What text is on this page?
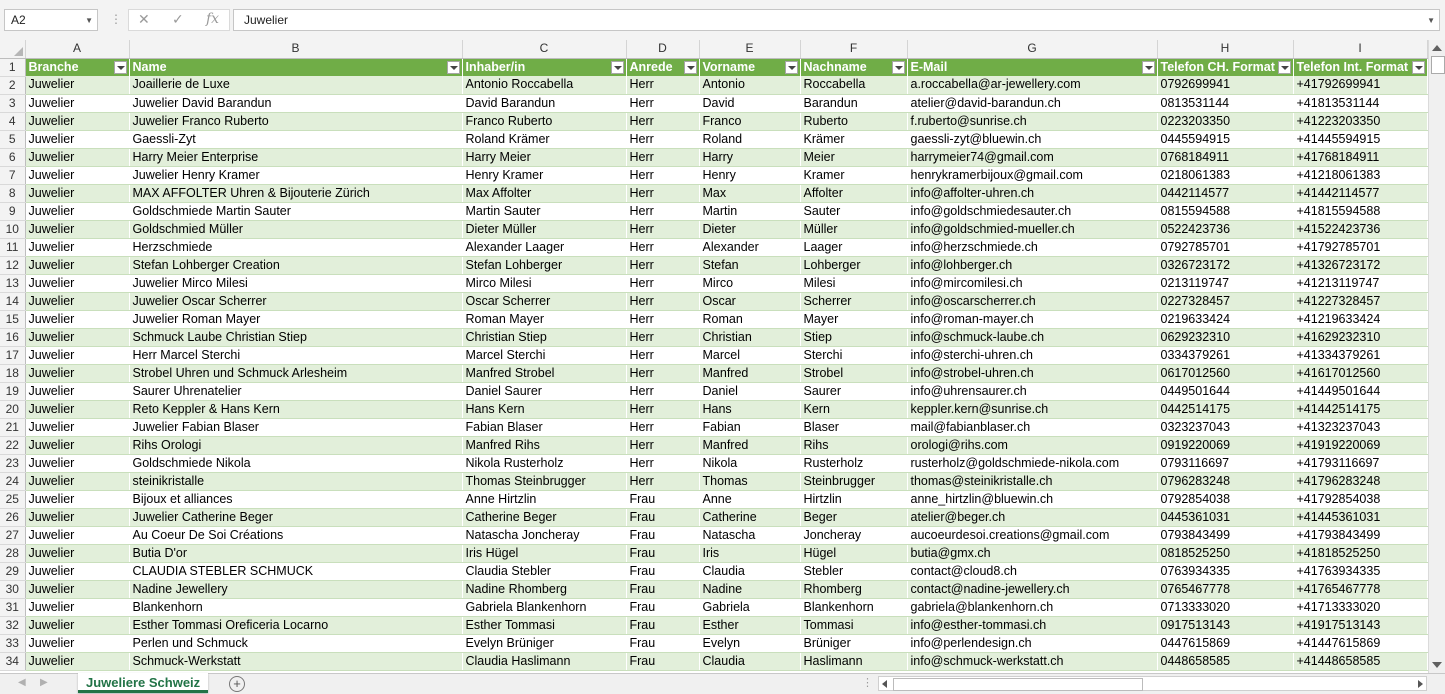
A2	▼ ⋮ ✕ ✓ fx	Juwelier	▼
	A	B	C	D	E	F	G	H	I
1	Branche	Name	Inhaber/in	Anrede	Vorname	Nachname	E-Mail	Telefon CH. Format	Telefon Int. Format

2	Juwelier	Joaillerie de Luxe	Antonio Roccabella	Herr	Antonio	Roccabella	a.roccabella@ar-jewellery.com	0792699941	+41792699941
3	Juwelier	Juwelier David Barandun	David Barandun	Herr	David	Barandun	atelier@david-barandun.ch	0813531144	+41813531144
4	Juwelier	Juwelier Franco Ruberto	Franco Ruberto	Herr	Franco	Ruberto	f.ruberto@sunrise.ch	0223203350	+41223203350
5	Juwelier	Gaessli-Zyt	Roland Krämer	Herr	Roland	Krämer	gaessli-zyt@bluewin.ch	0445594915	+41445594915
6	Juwelier	Harry Meier Enterprise	Harry Meier	Herr	Harry	Meier	harrymeier74@gmail.com	0768184911	+41768184911
7	Juwelier	Juwelier Henry Kramer	Henry Kramer	Herr	Henry	Kramer	henrykramerbijoux@gmail.com	0218061383	+41218061383
8	Juwelier	MAX AFFOLTER Uhren & Bijouterie Zürich	Max Affolter	Herr	Max	Affolter	info@affolter-uhren.ch	0442114577	+41442114577
9	Juwelier	Goldschmiede Martin Sauter	Martin Sauter	Herr	Martin	Sauter	info@goldschmiedesauter.ch	0815594588	+41815594588
10	Juwelier	Goldschmied Müller	Dieter Müller	Herr	Dieter	Müller	info@goldschmied-mueller.ch	0522423736	+41522423736
11	Juwelier	Herzschmiede	Alexander Laager	Herr	Alexander	Laager	info@herzschmiede.ch	0792785701	+41792785701
12	Juwelier	Stefan Lohberger Creation	Stefan Lohberger	Herr	Stefan	Lohberger	info@lohberger.ch	0326723172	+41326723172
13	Juwelier	Juwelier Mirco Milesi	Mirco Milesi	Herr	Mirco	Milesi	info@mircomilesi.ch	0213119747	+41213119747
14	Juwelier	Juwelier Oscar Scherrer	Oscar Scherrer	Herr	Oscar	Scherrer	info@oscarscherrer.ch	0227328457	+41227328457
15	Juwelier	Juwelier Roman Mayer	Roman Mayer	Herr	Roman	Mayer	info@roman-mayer.ch	0219633424	+41219633424
16	Juwelier	Schmuck Laube Christian Stiep	Christian Stiep	Herr	Christian	Stiep	info@schmuck-laube.ch	0629232310	+41629232310
17	Juwelier	Herr Marcel Sterchi	Marcel Sterchi	Herr	Marcel	Sterchi	info@sterchi-uhren.ch	0334379261	+41334379261
18	Juwelier	Strobel Uhren und Schmuck Arlesheim	Manfred Strobel	Herr	Manfred	Strobel	info@strobel-uhren.ch	0617012560	+41617012560
19	Juwelier	Saurer Uhrenatelier	Daniel Saurer	Herr	Daniel	Saurer	info@uhrensaurer.ch	0449501644	+41449501644
20	Juwelier	Reto Keppler & Hans Kern	Hans Kern	Herr	Hans	Kern	keppler.kern@sunrise.ch	0442514175	+41442514175
21	Juwelier	Juwelier Fabian Blaser	Fabian Blaser	Herr	Fabian	Blaser	mail@fabianblaser.ch	0323237043	+41323237043
22	Juwelier	Rihs Orologi	Manfred Rihs	Herr	Manfred	Rihs	orologi@rihs.com	0919220069	+41919220069
23	Juwelier	Goldschmiede Nikola	Nikola Rusterholz	Herr	Nikola	Rusterholz	rusterholz@goldschmiede-nikola.com	0793116697	+41793116697
24	Juwelier	steinikristalle	Thomas Steinbrugger	Herr	Thomas	Steinbrugger	thomas@steinikristalle.ch	0796283248	+41796283248
25	Juwelier	Bijoux et alliances	Anne Hirtzlin	Frau	Anne	Hirtzlin	anne_hirtzlin@bluewin.ch	0792854038	+41792854038
26	Juwelier	Juwelier Catherine Beger	Catherine Beger	Frau	Catherine	Beger	atelier@beger.ch	0445361031	+41445361031
27	Juwelier	Au Coeur De Soi Créations	Natascha Joncheray	Frau	Natascha	Joncheray	aucoeurdesoi.creations@gmail.com	0793843499	+41793843499
28	Juwelier	Butia D'or	Iris Hügel	Frau	Iris	Hügel	butia@gmx.ch	0818525250	+41818525250
29	Juwelier	CLAUDIA STEBLER SCHMUCK	Claudia Stebler	Frau	Claudia	Stebler	contact@cloud8.ch	0763934335	+41763934335
30	Juwelier	Nadine Jewellery	Nadine Rhomberg	Frau	Nadine	Rhomberg	contact@nadine-jewellery.ch	0765467778	+41765467778
31	Juwelier	Blankenhorn	Gabriela Blankenhorn	Frau	Gabriela	Blankenhorn	gabriela@blankenhorn.ch	0713333020	+41713333020
32	Juwelier	Esther Tommasi Oreficeria Locarno	Esther Tommasi	Frau	Esther	Tommasi	info@esther-tommasi.ch	0917513143	+41917513143
33	Juwelier	Perlen und Schmuck	Evelyn Brüniger	Frau	Evelyn	Brüniger	info@perlendesign.ch	0447615869	+41447615869
34	Juwelier	Schmuck-Werkstatt	Claudia Haslimann	Frau	Claudia	Haslimann	info@schmuck-werkstatt.ch	0448658585	+41448658585
◀ ▶	Juweliere Schweiz	+	⋮
